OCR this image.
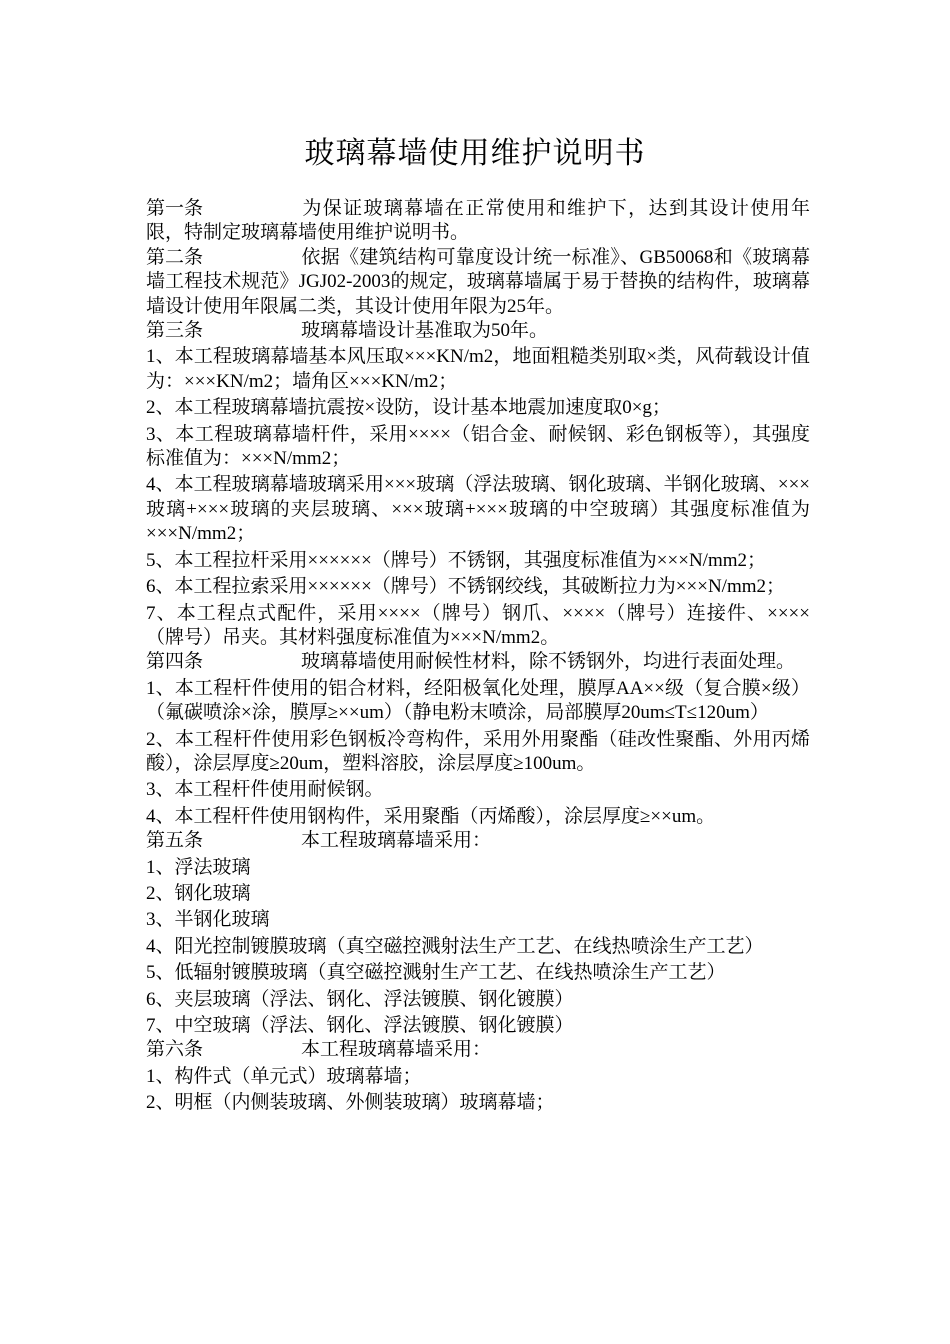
玻璃幕墙使用维护说明书

第一条	为保证玻璃幕墙在正常使用和维护下，达到其设计使用年限，特制定玻璃幕墙使用维护说明书。

第二条	依据《建筑结构可靠度设计统一标准》、GB50068和《玻璃幕墙工程技术规范》JGJ02-2003的规定，玻璃幕墙属于易于替换的结构件，玻璃幕墙设计使用年限属二类，其设计使用年限为25年。

第三条	玻璃幕墙设计基准取为50年。

1、本工程玻璃幕墙基本风压取×××KN/m2，地面粗糙类别取×类，风荷载设计值为：×××KN/m2；墙角区×××KN/m2；

2、本工程玻璃幕墙抗震按×设防，设计基本地震加速度取0×g；

3、本工程玻璃幕墙杆件，采用××××（铝合金、耐候钢、彩色钢板等），其强度标准值为：×××N/mm2；

4、本工程玻璃幕墙玻璃采用×××玻璃（浮法玻璃、钢化玻璃、半钢化玻璃、×××玻璃+×××玻璃的夹层玻璃、×××玻璃+×××玻璃的中空玻璃）其强度标准值为×××N/mm2；

5、本工程拉杆采用××××××（牌号）不锈钢，其强度标准值为×××N/mm2；

6、本工程拉索采用××××××（牌号）不锈钢绞线，其破断拉力为×××N/mm2；

7、本工程点式配件，采用××××（牌号）钢爪、××××（牌号）连接件、××××（牌号）吊夹。其材料强度标准值为×××N/mm2。

第四条	玻璃幕墙使用耐候性材料，除不锈钢外，均进行表面处理。

1、本工程杆件使用的铝合材料，经阳极氧化处理，膜厚AA××级（复合膜×级）（氟碳喷涂×涂，膜厚≥××um）（静电粉末喷涂，局部膜厚20um≤T≤120um）

2、本工程杆件使用彩色钢板冷弯构件，采用外用聚酯（硅改性聚酯、外用丙烯酸），涂层厚度≥20um，塑料溶胶，涂层厚度≥100um。

3、本工程杆件使用耐候钢。

4、本工程杆件使用钢构件，采用聚酯（丙烯酸），涂层厚度≥××um。

第五条	本工程玻璃幕墙采用：

1、浮法玻璃

2、钢化玻璃

3、半钢化玻璃

4、阳光控制镀膜玻璃（真空磁控溅射法生产工艺、在线热喷涂生产工艺）

5、低辐射镀膜玻璃（真空磁控溅射生产工艺、在线热喷涂生产工艺）

6、夹层玻璃（浮法、钢化、浮法镀膜、钢化镀膜）

7、中空玻璃（浮法、钢化、浮法镀膜、钢化镀膜）

第六条	本工程玻璃幕墙采用：

1、构件式（单元式）玻璃幕墙；

2、明框（内侧装玻璃、外侧装玻璃）玻璃幕墙；
